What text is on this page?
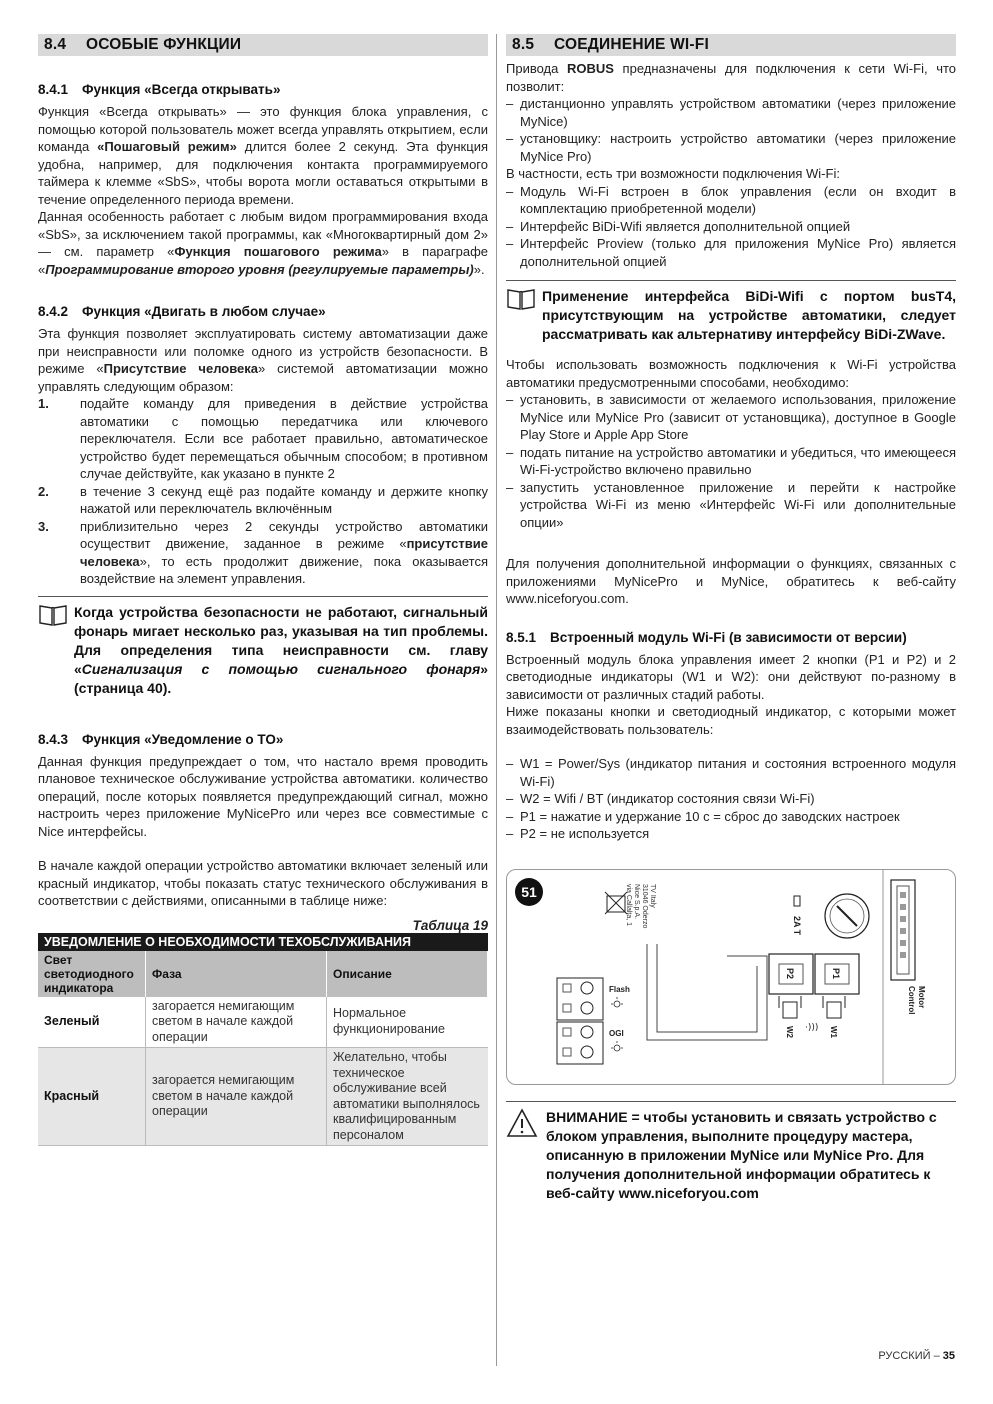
8.4 ОСОБЫЕ ФУНКЦИИ
8.4.1 Функция «Всегда открывать»

Функция «Всегда открывать» — это функция блока управления, с помощью которой пользователь может всегда управлять открытием, если команда «Пошаговый режим» длится более 2 секунд. Эта функция удобна, например, для подключения контакта программируемого таймера к клемме «SbS», чтобы ворота могли оставаться открытыми в течение определенного периода времени.

Данная особенность работает с любым видом программирования входа «SbS», за исключением такой программы, как «Многоквартирный дом 2» — см. параметр «Функция пошагового режима» в параграфе «Программирование второго уровня (регулируемые параметры)».

8.4.2 Функция «Двигать в любом случае»

Эта функция позволяет эксплуатировать систему автоматизации даже при неисправности или поломке одного из устройств безопасности. В режиме «Присутствие человека» системой автоматизации можно управлять следующим образом:

1. подайте команду для приведения в действие устройства автоматики с помощью передатчика или ключевого переключателя. Если все работает правильно, автоматическое устройство будет перемещаться обычным способом; в противном случае действуйте, как указано в пункте 2
2. в течение 3 секунд ещё раз подайте команду и держите кнопку нажатой или переключатель включённым
3. приблизительно через 2 секунды устройство автоматики осуществит движение, заданное в режиме «присутствие человека», то есть продолжит движение, пока оказывается воздействие на элемент управления.
Когда устройства безопасности не работают, сигнальный фонарь мигает несколько раз, указывая на тип проблемы. Для определения типа неисправности см. главу «Сигнализация с помощью сигнального фонаря» (страница 40).
8.4.3 Функция «Уведомление о ТО»

Данная функция предупреждает о том, что настало время проводить плановое техническое обслуживание устройства автоматики. количество операций, после которых появляется предупреждающий сигнал, можно настроить через приложение MyNicePro или через все совместимые с Nice интерфейсы.

В начале каждой операции устройство автоматики включает зеленый или красный индикатор, чтобы показать статус технического обслуживания в соответствии с действиями, описанными в таблице ниже:

Таблица 19
УВЕДОМЛЕНИЕ О НЕОБХОДИМОСТИ ТЕХОБСЛУЖИВАНИЯ		
Свет светодиодного индикатора	Фаза	Описание
Зеленый	загорается немигающим светом в начале каждой операции	Нормальное функционирование
Красный	загорается немигающим светом в начале каждой операции	Желательно, чтобы техническое обслуживание всей автоматики выполнялось квалифицированным персоналом
8.5 СОЕДИНЕНИЕ WI-FI

Привода ROBUS предназначены для подключения к сети Wi-Fi, что позволит:

– дистанционно управлять устройством автоматики (через приложение MyNice)
– установщику: настроить устройство автоматики (через приложение MyNice Pro)

В частности, есть три возможности подключения Wi-Fi:

– Модуль Wi-Fi встроен в блок управления (если он входит в комплектацию приобретенной модели)
– Интерфейс BiDi-Wifi является дополнительной опцией
– Интерфейс Proview (только для приложения MyNice Pro) является дополнительной опцией
Применение интерфейса BiDi-Wifi с портом busT4, присутствующим на устройстве автоматики, следует рассматривать как альтернативу интерфейсу BiDi-ZWave.

Чтобы использовать возможность подключения к Wi-Fi устройства автоматики предусмотренными способами, необходимо:

– установить, в зависимости от желаемого использования, приложение MyNice или MyNice Pro (зависит от установщика), доступное в Google Play Store и Apple App Store
– подать питание на устройство автоматики и убедиться, что имеющееся Wi-Fi-устройство включено правильно
– запустить установленное приложение и перейти к настройке устройства Wi-Fi из меню «Интерфейс Wi-Fi или дополнительные опции»

Для получения дополнительной информации о функциях, связанных с приложениями MyNicePro и MyNice, обратитесь к веб-сайту www.niceforyou.com.

8.5.1 Встроенный модуль Wi-Fi (в зависимости от версии)

Встроенный модуль блока управления имеет 2 кнопки (P1 и P2) и 2 светодиодные индикаторы (W1 и W2): они действуют по-разному в зависимости от различных стадий работы.

Ниже показаны кнопки и светодиодный индикатор, с которыми может взаимодействовать пользователь:

– W1 = Power/Sys (индикатор питания и состояния встроенного модуля Wi-Fi)
– W2 = Wifi / BT (индикатор состояния связи Wi-Fi)
– P1 = нажатие и удержание 10 с = сброс до заводских настроек
– P2 = не используется
51	Nice S.p.A.
via Callalta, 1 31046 Oderzo TV Italy
Flash
OGI
2A T
P2	P1
W2 ·))) W1
Motor
Control
ВНИМАНИЕ = чтобы установить и связать устройство с блоком управления, выполните процедуру мастера, описанную в приложении MyNice или MyNice Pro. Для получения дополнительной информации обратитесь к веб-сайту www.niceforyou.com
РУССКИЙ – 35
